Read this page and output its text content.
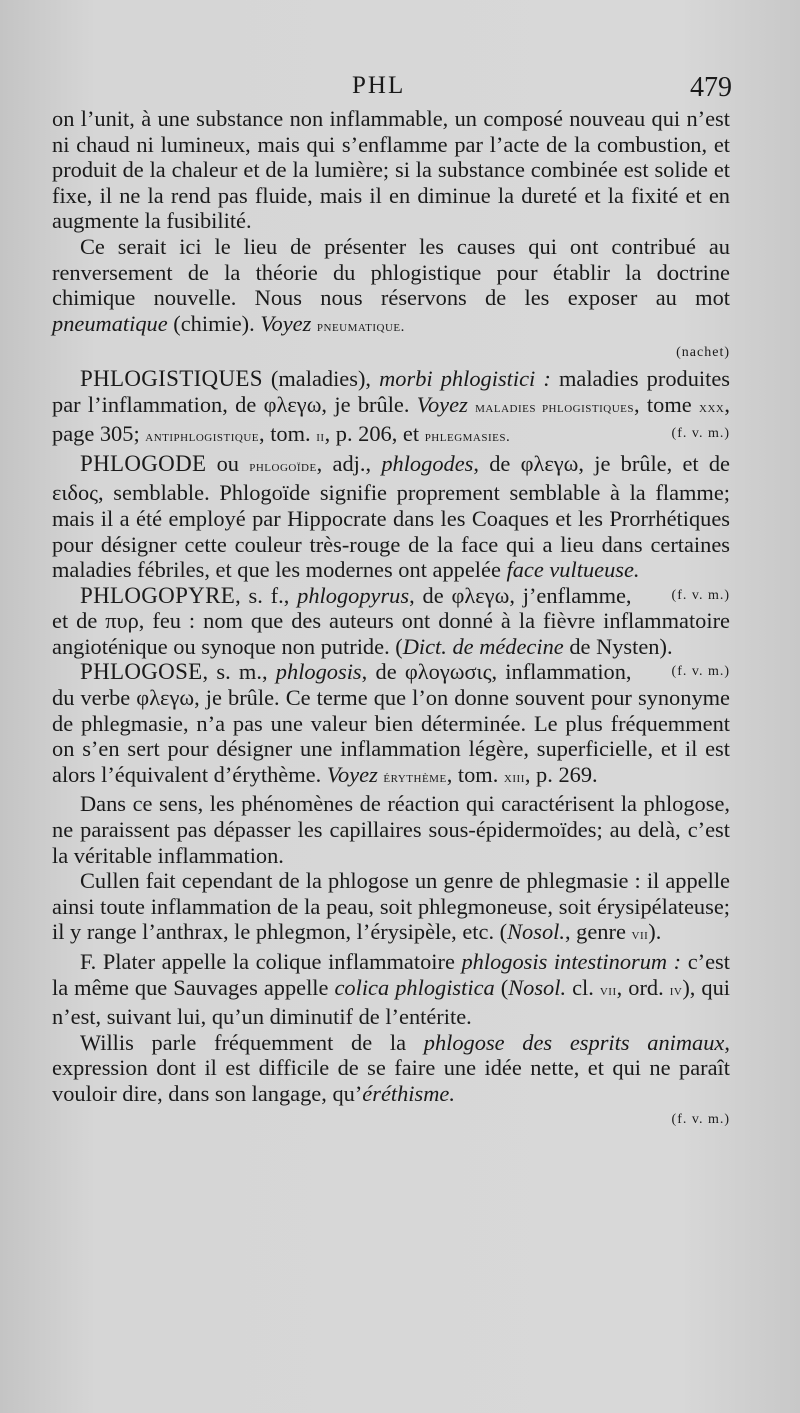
PHL	479

on l’unit, à une substance non inflammable, un composé nouveau qui n’est ni chaud ni lumineux, mais qui s’enflamme par l’acte de la combustion, et produit de la chaleur et de la lumière; si la substance combinée est solide et fixe, il ne la rend pas fluide, mais il en diminue la dureté et la fixité et en augmente la fusibilité.

Ce serait ici le lieu de présenter les causes qui ont contribué au renversement de la théorie du phlogistique pour établir la doctrine chimique nouvelle. Nous nous réservons de les exposer au mot pneumatique (chimie). Voyez pneumatique.

(nachet)

PHLOGISTIQUES (maladies), morbi phlogistici : maladies produites par l’inflammation, de φλεγω, je brûle. Voyez maladies phlogistiques, tome xxx, page 305; antiphlogistique, tom. ii, p. 206, et phlegmasies.	(f. v. m.)

PHLOGODE ou phlogoïde, adj., phlogodes, de φλεγω, je brûle, et de ειδος, semblable. Phlogoïde signifie proprement semblable à la flamme; mais il a été employé par Hippocrate dans les Coaques et les Prorrhétiques pour désigner cette couleur très-rouge de la face qui a lieu dans certaines maladies fébriles, et que les modernes ont appelée face vultueuse.
(f. v. m.)

PHLOGOPYRE, s. f., phlogopyrus, de φλεγω, j’enflamme, et de πυρ, feu : nom que des auteurs ont donné à la fièvre inflammatoire angioténique ou synoque non putride. (Dict. de médecine de Nysten).
(f. v. m.)

PHLOGOSE, s. m., phlogosis, de φλογωσις, inflammation, du verbe φλεγω, je brûle. Ce terme que l’on donne souvent pour synonyme de phlegmasie, n’a pas une valeur bien déterminée. Le plus fréquemment on s’en sert pour désigner une inflammation légère, superficielle, et il est alors l’équivalent d’érythème. Voyez érythème, tom. xiii, p. 269.

Dans ce sens, les phénomènes de réaction qui caractérisent la phlogose, ne paraissent pas dépasser les capillaires sous-épidermoïdes; au delà, c’est la véritable inflammation.

Cullen fait cependant de la phlogose un genre de phlegmasie : il appelle ainsi toute inflammation de la peau, soit phlegmoneuse, soit érysipélateuse; il y range l’anthrax, le phlegmon, l’érysipèle, etc. (Nosol., genre vii).

F. Plater appelle la colique inflammatoire phlogosis intestinorum : c’est la même que Sauvages appelle colica phlogistica (Nosol. cl. vii, ord. iv), qui n’est, suivant lui, qu’un diminutif de l’entérite.

Willis parle fréquemment de la phlogose des esprits animaux, expression dont il est difficile de se faire une idée nette, et qui ne paraît vouloir dire, dans son langage, qu’éréthisme.

(f. v. m.)
